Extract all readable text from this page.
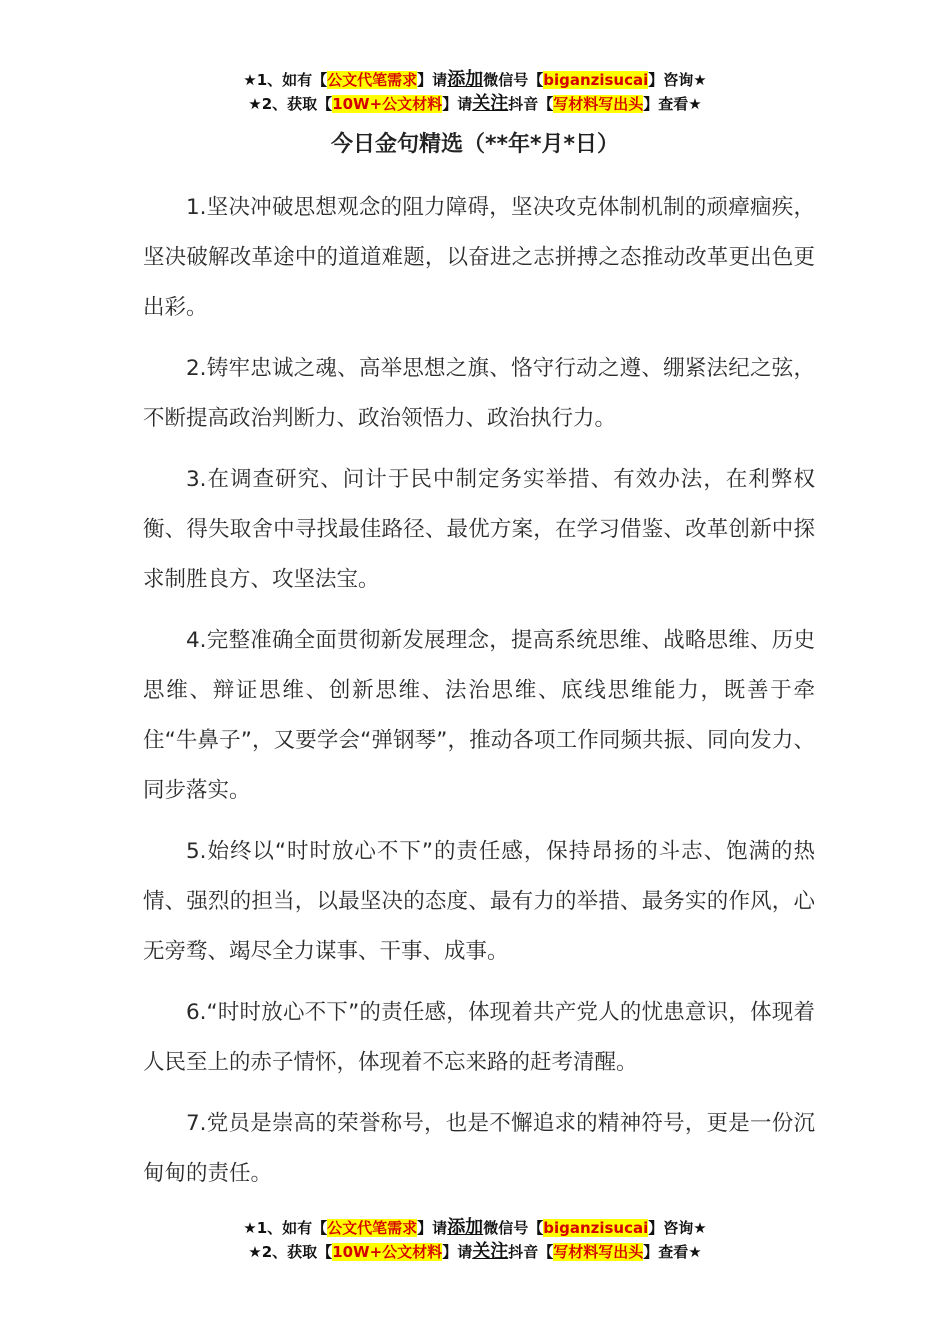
★1、如有【公文代笔需求】请添加微信号【biganzisucai】咨询★
★2、获取【10W+公文材料】请关注抖音【写材料写出头】查看★
今日金句精选（**年*月*日）

1.坚决冲破思想观念的阻力障碍，坚决攻克体制机制的顽瘴痼疾，坚决破解改革途中的道道难题，以奋进之志拼搏之态推动改革更出色更出彩。

2.铸牢忠诚之魂、高举思想之旗、恪守行动之遵、绷紧法纪之弦，不断提高政治判断力、政治领悟力、政治执行力。

3.在调查研究、问计于民中制定务实举措、有效办法，在利弊权衡、得失取舍中寻找最佳路径、最优方案，在学习借鉴、改革创新中探求制胜良方、攻坚法宝。

4.完整准确全面贯彻新发展理念，提高系统思维、战略思维、历史思维、辩证思维、创新思维、法治思维、底线思维能力，既善于牵住“牛鼻子”，又要学会“弹钢琴”，推动各项工作同频共振、同向发力、同步落实。

5.始终以“时时放心不下”的责任感，保持昂扬的斗志、饱满的热情、强烈的担当，以最坚决的态度、最有力的举措、最务实的作风，心无旁骛、竭尽全力谋事、干事、成事。

6.“时时放心不下”的责任感，体现着共产党人的忧患意识，体现着人民至上的赤子情怀，体现着不忘来路的赶考清醒。

7.党员是崇高的荣誉称号，也是不懈追求的精神符号，更是一份沉甸甸的责任。

★1、如有【公文代笔需求】请添加微信号【biganzisucai】咨询★
★2、获取【10W+公文材料】请关注抖音【写材料写出头】查看★
